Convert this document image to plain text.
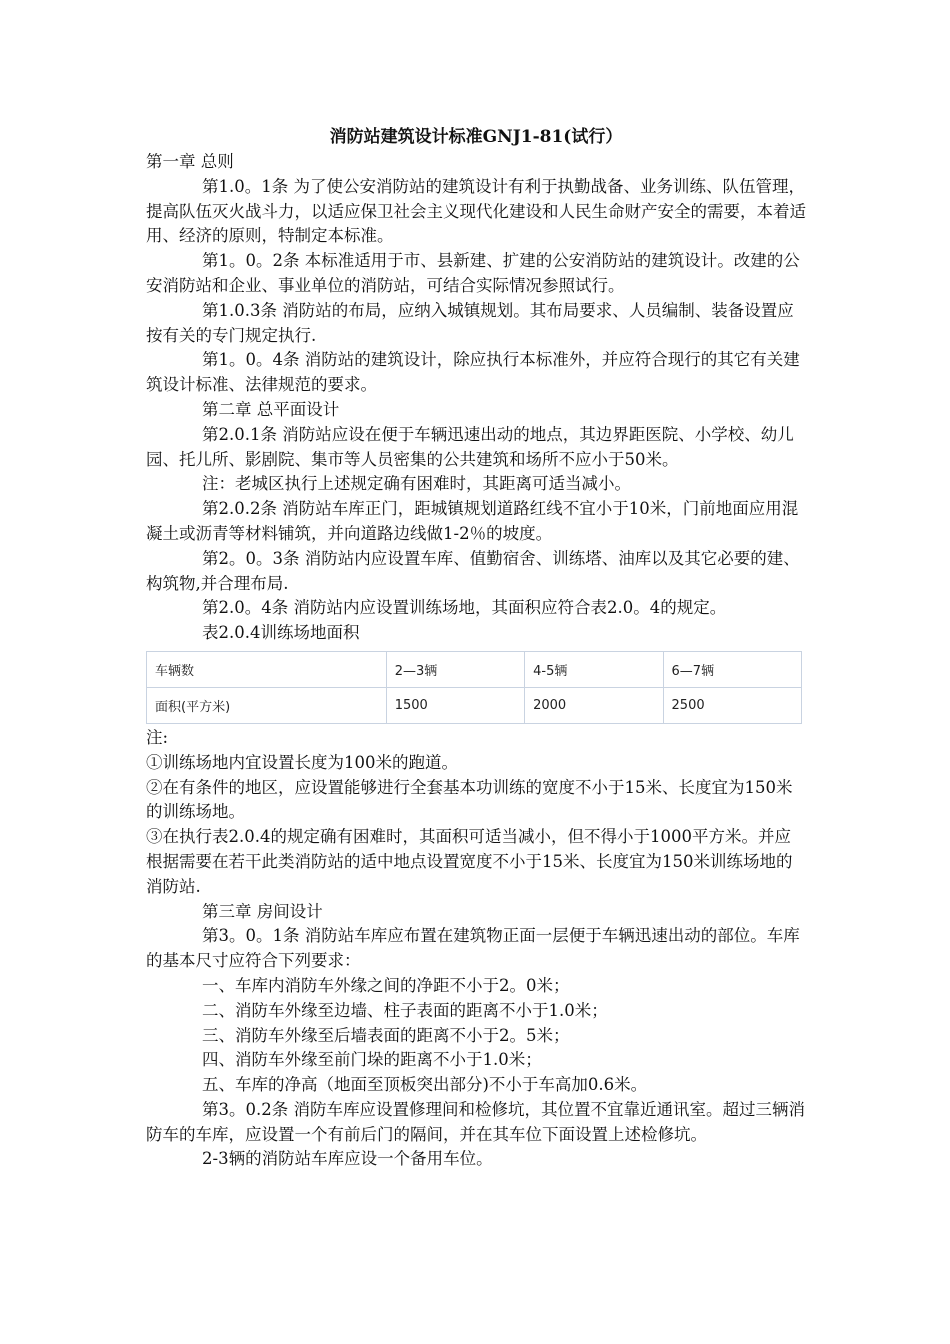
消防站建筑设计标准GNJ1-81(试行）

第一章 总则

第1.0。1条 为了使公安消防站的建筑设计有利于执勤战备、业务训练、队伍管理，提高队伍灭火战斗力，以适应保卫社会主义现代化建设和人民生命财产安全的需要，本着适用、经济的原则，特制定本标准。

第1。0。2条 本标准适用于市、县新建、扩建的公安消防站的建筑设计。改建的公安消防站和企业、事业单位的消防站，可结合实际情况参照试行。

第1.0.3条 消防站的布局，应纳入城镇规划。其布局要求、人员编制、装备设置应按有关的专门规定执行.

第1。0。4条 消防站的建筑设计，除应执行本标准外，并应符合现行的其它有关建筑设计标准、法律规范的要求。

第二章 总平面设计

第2.0.1条 消防站应设在便于车辆迅速出动的地点，其边界距医院、小学校、幼儿园、托儿所、影剧院、集市等人员密集的公共建筑和场所不应小于50米。

注：老城区执行上述规定确有困难时，其距离可适当减小。

第2.0.2条 消防站车库正门，距城镇规划道路红线不宜小于10米，门前地面应用混凝土或沥青等材料铺筑，并向道路边线做1-2％的坡度。

第2。0。3条 消防站内应设置车库、值勤宿舍、训练塔、油库以及其它必要的建、构筑物,并合理布局.

第2.0。4条 消防站内应设置训练场地，其面积应符合表2.0。4的规定。

表2.0.4训练场地面积

车辆数	2—3辆	4-5辆	6—7辆
面积(平方米)	1500	2000	2500

注:

①训练场地内宜设置长度为100米的跑道。

②在有条件的地区，应设置能够进行全套基本功训练的宽度不小于15米、长度宜为150米的训练场地。

③在执行表2.0.4的规定确有困难时，其面积可适当减小，但不得小于1000平方米。并应根据需要在若干此类消防站的适中地点设置宽度不小于15米、长度宜为150米训练场地的消防站.

第三章 房间设计

第3。0。1条 消防站车库应布置在建筑物正面一层便于车辆迅速出动的部位。车库的基本尺寸应符合下列要求：

一、车库内消防车外缘之间的净距不小于2。0米；

二、消防车外缘至边墙、柱子表面的距离不小于1.0米；

三、消防车外缘至后墙表面的距离不小于2。5米；

四、消防车外缘至前门垛的距离不小于1.0米；

五、车库的净高（地面至顶板突出部分)不小于车高加0.6米。

第3。0.2条 消防车库应设置修理间和检修坑，其位置不宜靠近通讯室。超过三辆消防车的车库，应设置一个有前后门的隔间，并在其车位下面设置上述检修坑。

2-3辆的消防站车库应设一个备用车位。
